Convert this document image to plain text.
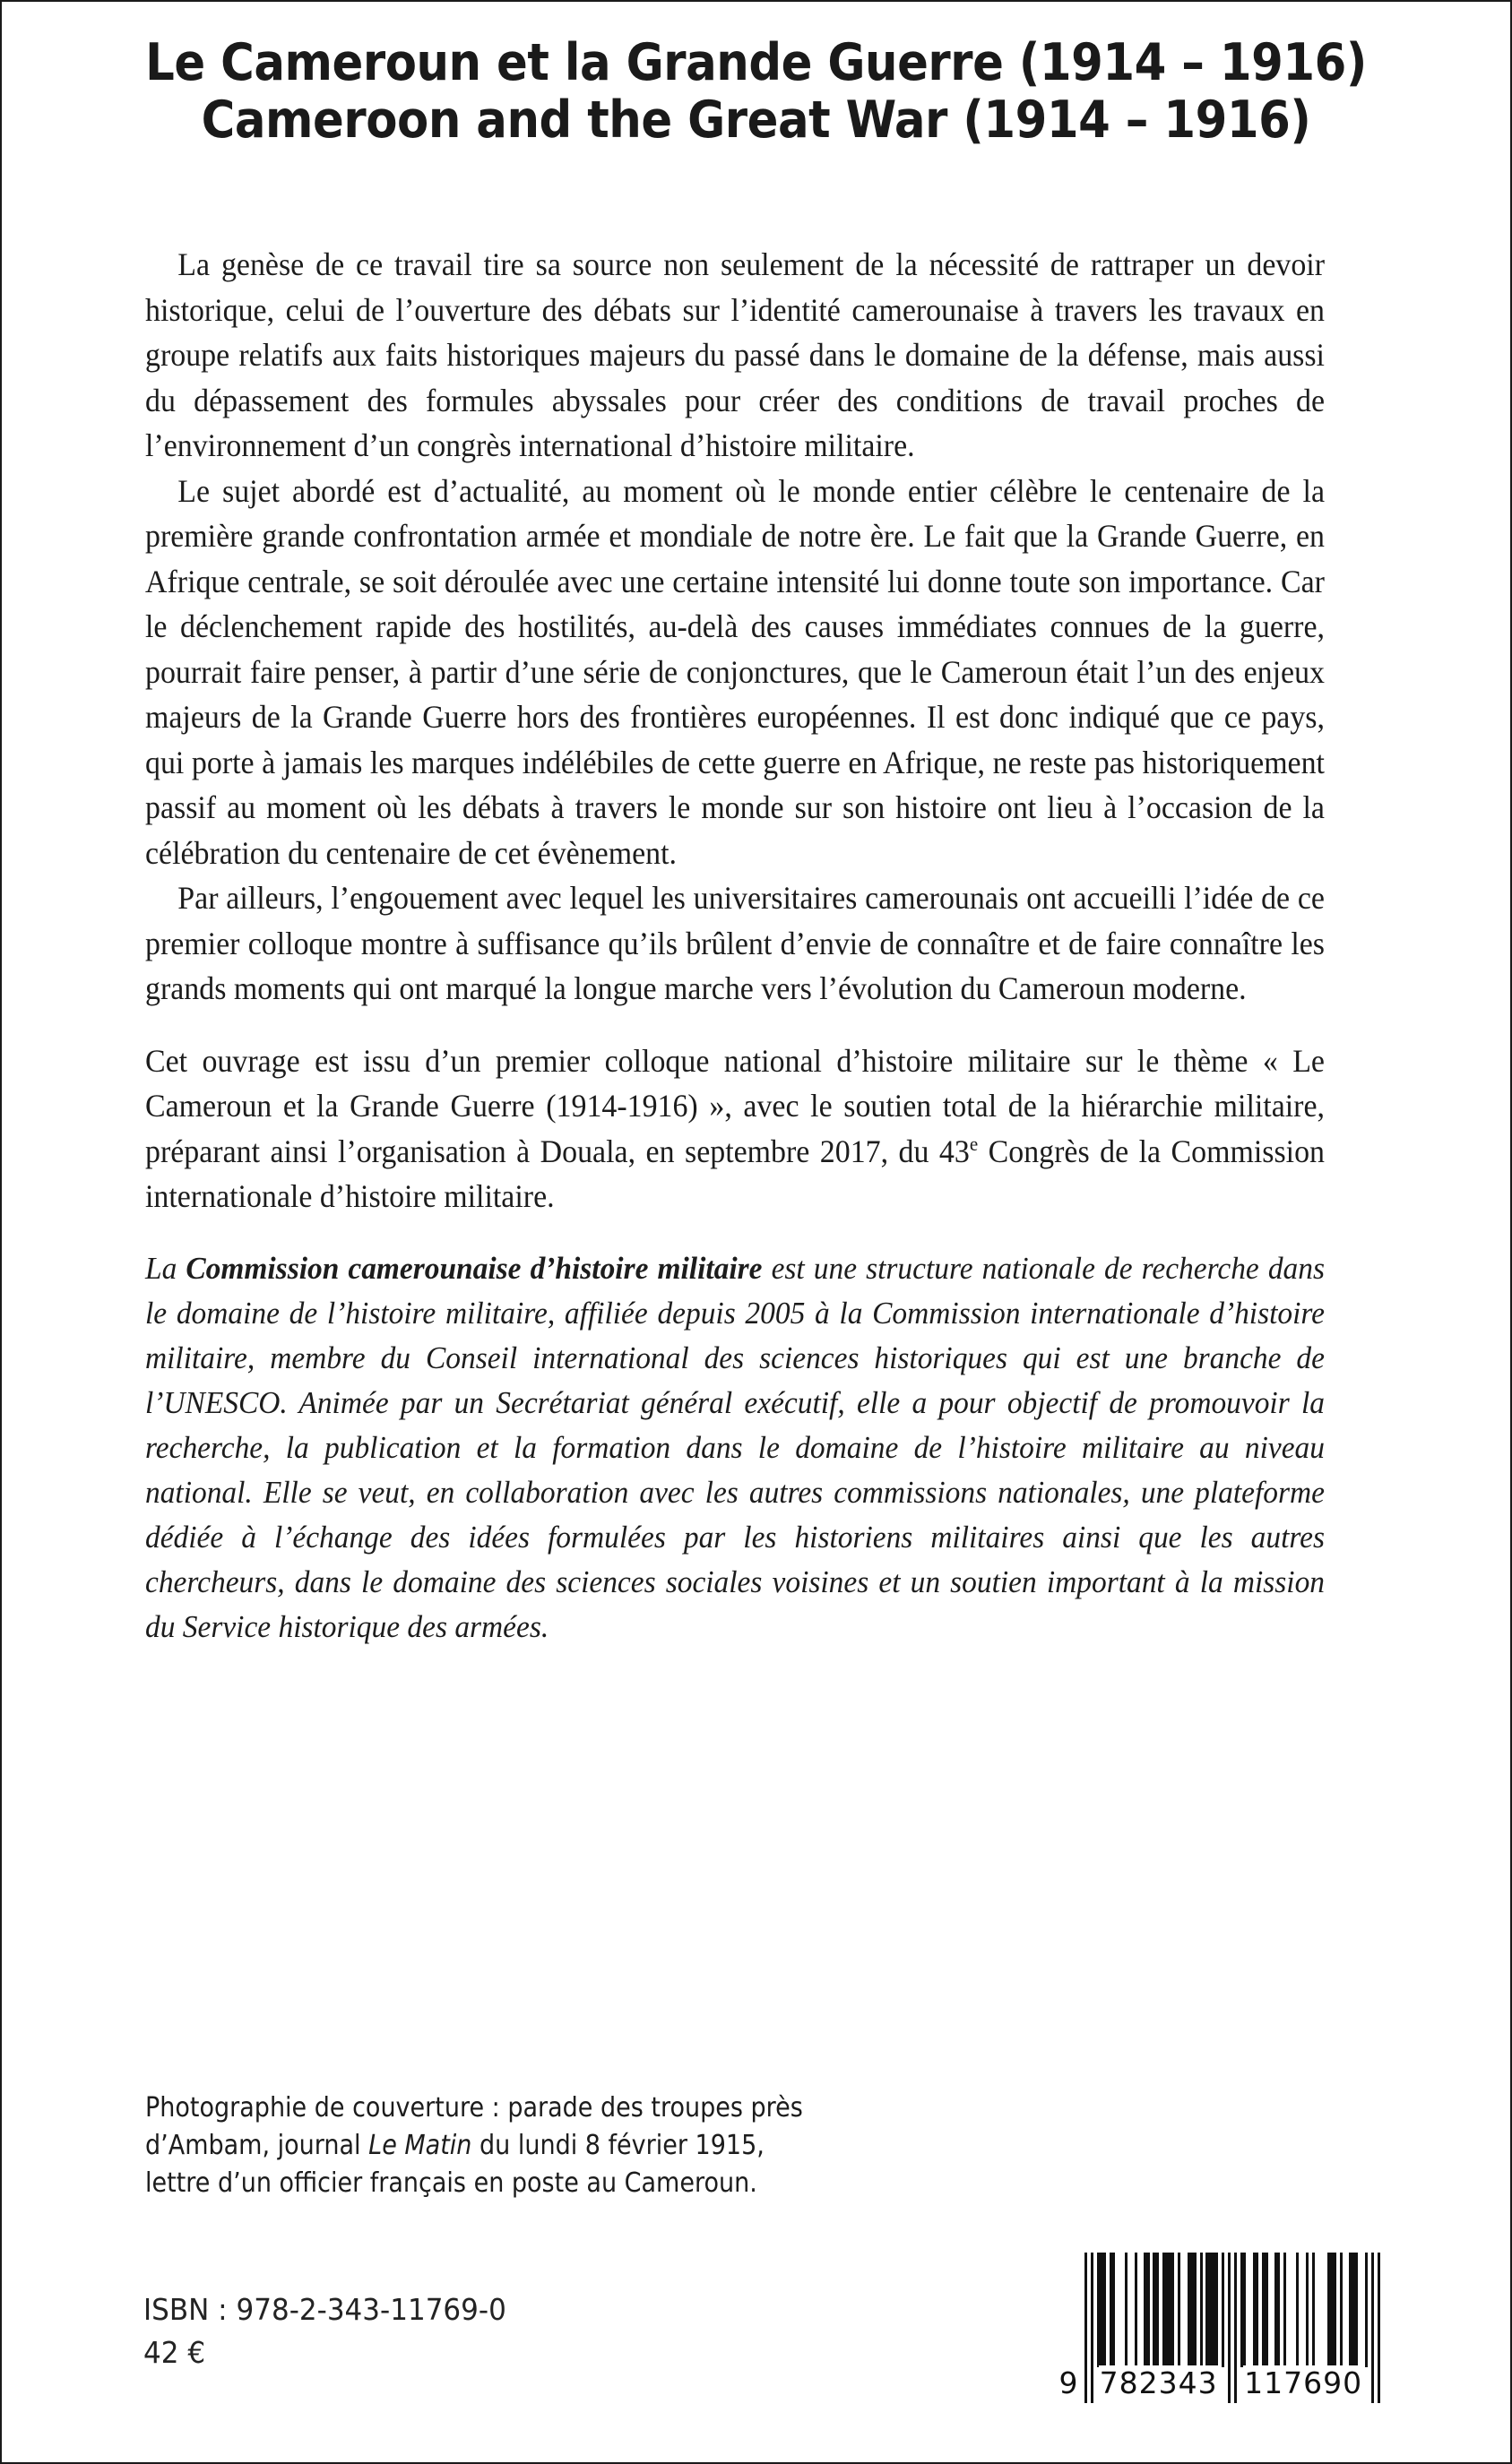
Le Cameroun et la Grande Guerre (1914 – 1916)
Cameroon and the Great War (1914 – 1916)

La genèse de ce travail tire sa source non seulement de la nécessité de rattraper un devoir historique, celui de l’ouverture des débats sur l’identité camerounaise à travers les travaux en groupe relatifs aux faits historiques majeurs du passé dans le domaine de la défense, mais aussi du dépassement des formules abyssales pour créer des conditions de travail proches de l’environnement d’un congrès international d’histoire militaire.

Le sujet abordé est d’actualité, au moment où le monde entier célèbre le centenaire de la première grande confrontation armée et mondiale de notre ère. Le fait que la Grande Guerre, en Afrique centrale, se soit déroulée avec une certaine intensité lui donne toute son importance. Car le déclenchement rapide des hostilités, au-delà des causes immédiates connues de la guerre, pourrait faire penser, à partir d’une série de conjonctures, que le Cameroun était l’un des enjeux majeurs de la Grande Guerre hors des frontières européennes. Il est donc indiqué que ce pays, qui porte à jamais les marques indélébiles de cette guerre en Afrique, ne reste pas historiquement passif au moment où les débats à travers le monde sur son histoire ont lieu à l’occasion de la célébration du centenaire de cet évènement.

Par ailleurs, l’engouement avec lequel les universitaires camerounais ont accueilli l’idée de ce premier colloque montre à suffisance qu’ils brûlent d’envie de connaître et de faire connaître les grands moments qui ont marqué la longue marche vers l’évolution du Cameroun moderne.

Cet ouvrage est issu d’un premier colloque national d’histoire militaire sur le thème « Le Cameroun et la Grande Guerre (1914-1916) », avec le soutien total de la hiérarchie militaire, préparant ainsi l’organisation à Douala, en septembre 2017, du 43e Congrès de la Commission internationale d’histoire militaire.

La Commission camerounaise d’histoire militaire est une structure nationale de recherche dans le domaine de l’histoire militaire, affiliée depuis 2005 à la Commission internationale d’histoire militaire, membre du Conseil international des sciences historiques qui est une branche de l’UNESCO. Animée par un Secrétariat général exécutif, elle a pour objectif de promouvoir la recherche, la publication et la formation dans le domaine de l’histoire militaire au niveau national. Elle se veut, en collaboration avec les autres commissions nationales, une plateforme dédiée à l’échange des idées formulées par les historiens militaires ainsi que les autres chercheurs, dans le domaine des sciences sociales voisines et un soutien important à la mission du Service historique des armées.

Photographie de couverture : parade des troupes près d’Ambam, journal Le Matin du lundi 8 février 1915, lettre d’un officier français en poste au Cameroun.
ISBN : 978-2-343-11769-0
42 €
9 782343 117690
